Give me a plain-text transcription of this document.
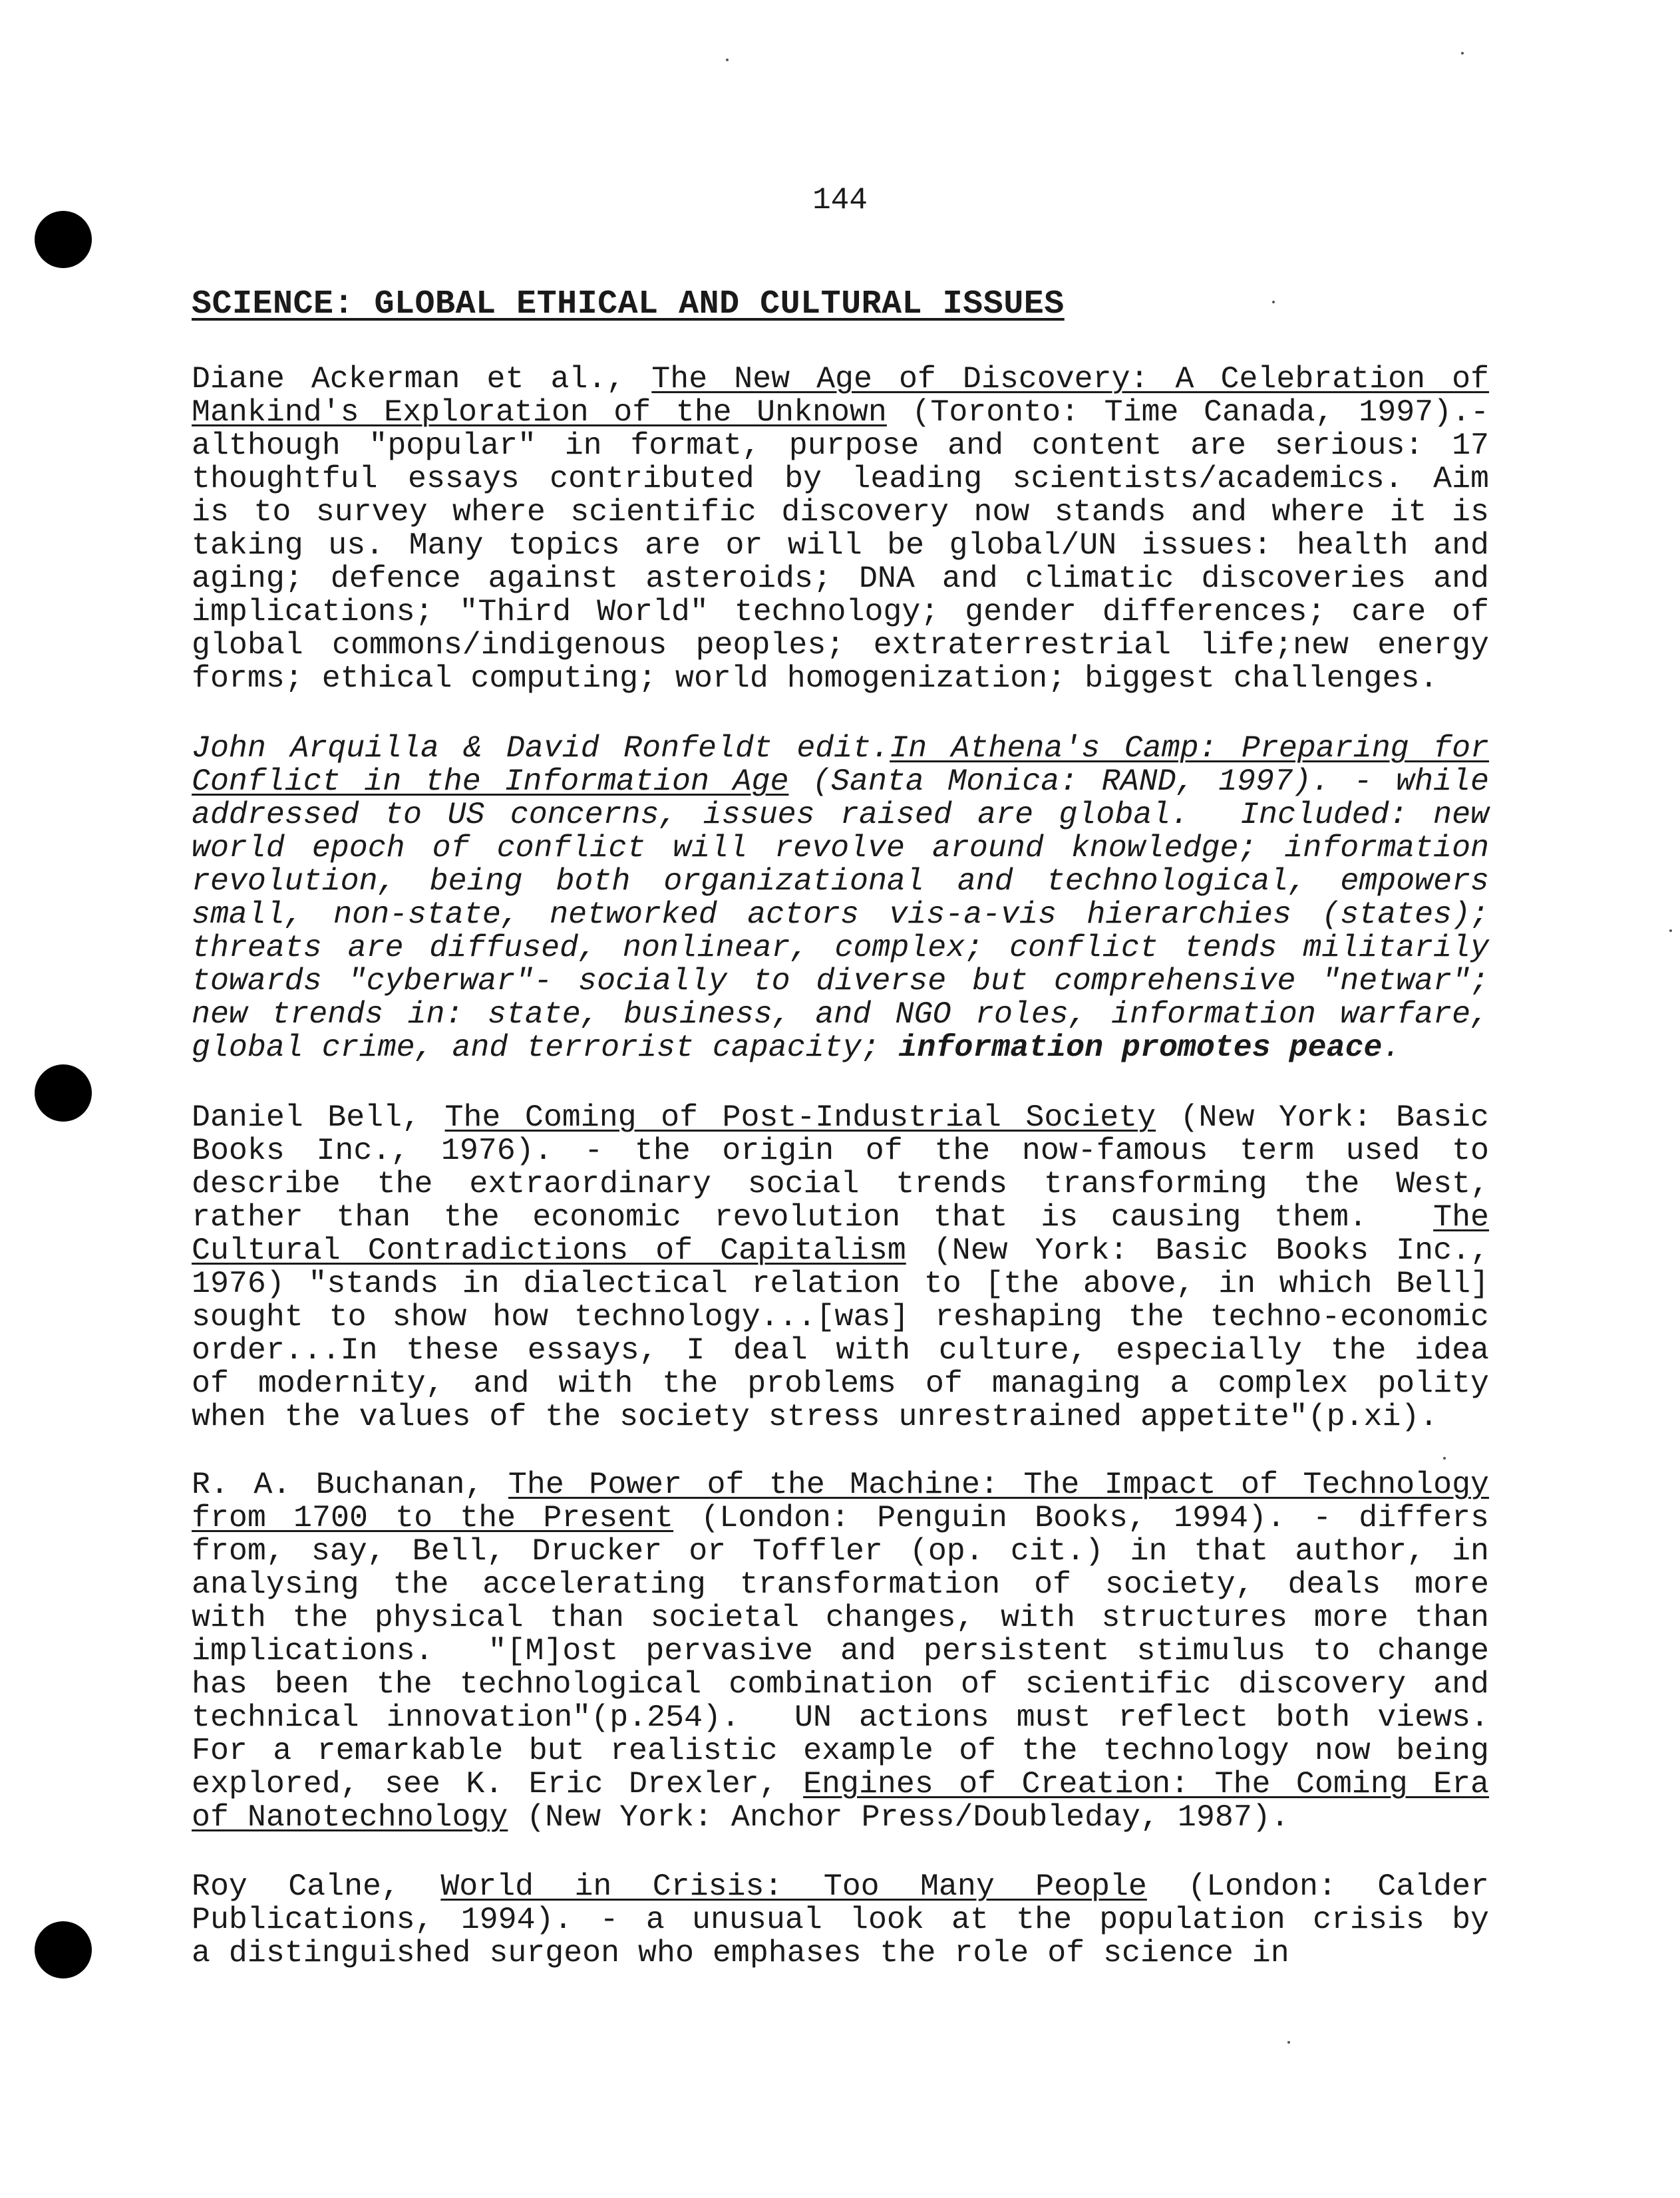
144
SCIENCE: GLOBAL ETHICAL AND CULTURAL ISSUES
Diane Ackerman et al., The New Age of Discovery: A Celebration of
Mankind's Exploration of the Unknown (Toronto: Time Canada, 1997).-
although "popular" in format, purpose and content are serious: 17
thoughtful essays contributed by leading scientists/academics. Aim
is to survey where scientific discovery now stands and where it is
taking us. Many topics are or will be global/UN issues: health and
aging; defence against asteroids; DNA and climatic discoveries and
implications; "Third World" technology; gender differences; care of
global commons/indigenous peoples; extraterrestrial life;new energy
forms; ethical computing; world homogenization; biggest challenges.
John Arquilla & David Ronfeldt edit.In Athena's Camp: Preparing for
Conflict in the Information Age (Santa Monica: RAND, 1997). - while
addressed to US concerns, issues raised are global.  Included: new
world epoch of conflict will revolve around knowledge; information
revolution, being both organizational and technological, empowers
small, non-state, networked actors vis-a-vis hierarchies (states);
threats are diffused, nonlinear, complex; conflict tends militarily
towards "cyberwar"- socially to diverse but comprehensive "netwar";
new trends in: state, business, and NGO roles, information warfare,
global crime, and terrorist capacity; information promotes peace.
Daniel Bell, The Coming of Post-Industrial Society (New York: Basic
Books Inc., 1976). - the origin of the now-famous term used to
describe the extraordinary social trends transforming the West,
rather than the economic revolution that is causing them.  The
Cultural Contradictions of Capitalism (New York: Basic Books Inc.,
1976) "stands in dialectical relation to [the above, in which Bell]
sought to show how technology...[was] reshaping the techno-economic
order...In these essays, I deal with culture, especially the idea
of modernity, and with the problems of managing a complex polity
when the values of the society stress unrestrained appetite"(p.xi).
R. A. Buchanan, The Power of the Machine: The Impact of Technology
from 1700 to the Present (London: Penguin Books, 1994). - differs
from, say, Bell, Drucker or Toffler (op. cit.) in that author, in
analysing the accelerating transformation of society, deals more
with the physical than societal changes, with structures more than
implications.  "[M]ost pervasive and persistent stimulus to change
has been the technological combination of scientific discovery and
technical innovation"(p.254).  UN actions must reflect both views.
For a remarkable but realistic example of the technology now being
explored, see K. Eric Drexler, Engines of Creation: The Coming Era
of Nanotechnology (New York: Anchor Press/Doubleday, 1987).
Roy Calne, World in Crisis: Too Many People (London: Calder
Publications, 1994). - a unusual look at the population crisis by
a distinguished surgeon who emphases the role of science in
